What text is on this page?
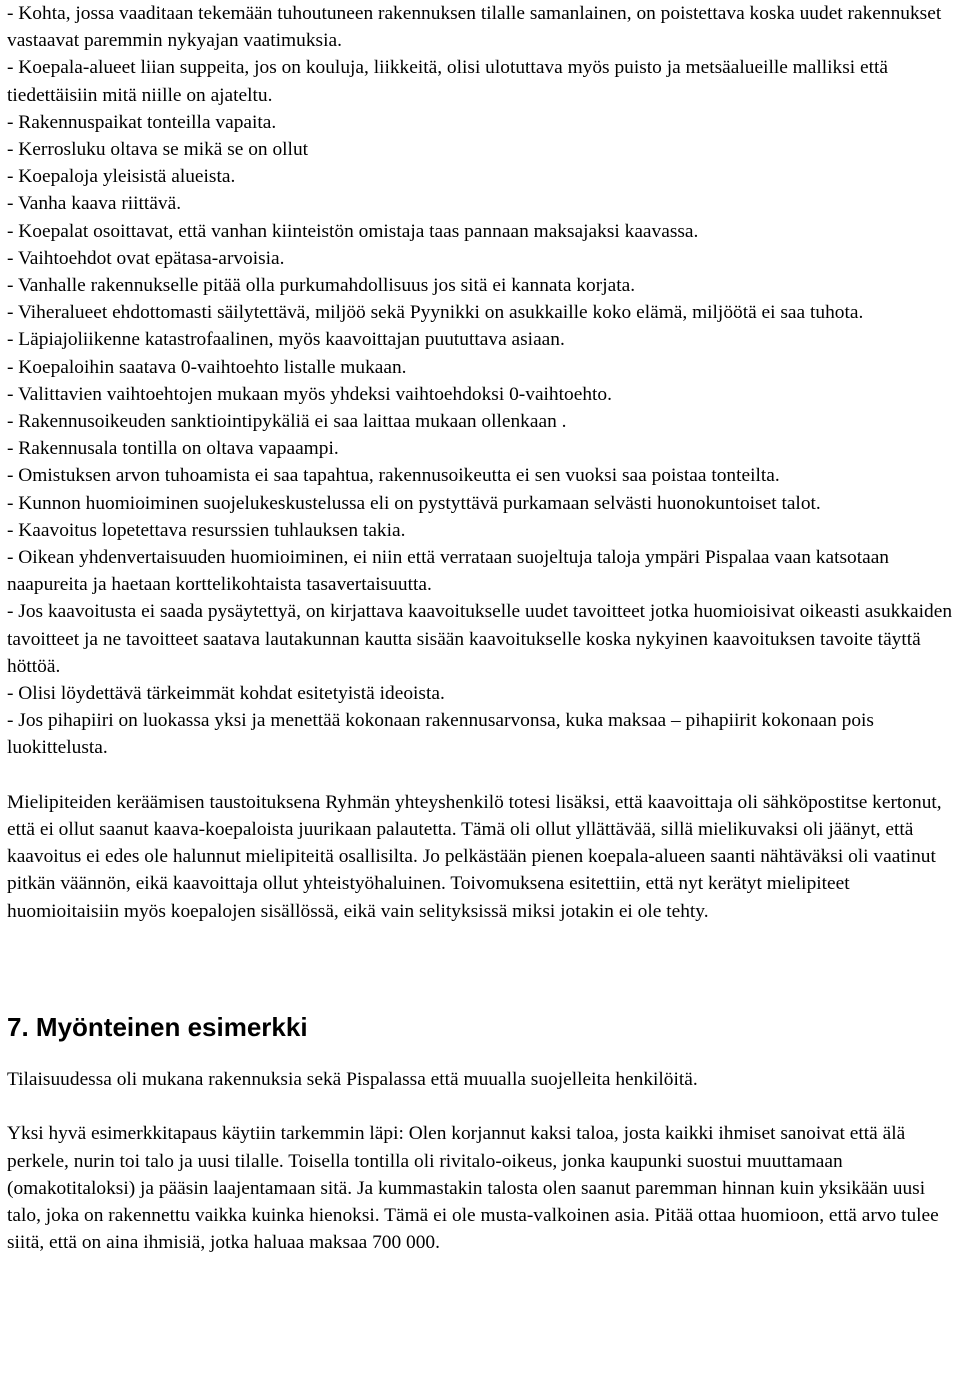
- Kohta, jossa vaaditaan tekemään tuhoutuneen rakennuksen tilalle samanlainen, on poistettava koska uudet rakennukset vastaavat paremmin nykyajan vaatimuksia.

- Koepala-alueet liian suppeita, jos on kouluja, liikkeitä, olisi ulotuttava myös puisto ja metsäalueille malliksi että tiedettäisiin mitä niille on ajateltu.

- Rakennuspaikat tonteilla vapaita.

- Kerrosluku oltava se mikä se on ollut

- Koepaloja yleisistä alueista.

- Vanha kaava riittävä.

- Koepalat osoittavat, että vanhan kiinteistön omistaja taas pannaan maksajaksi kaavassa.

- Vaihtoehdot ovat epätasa-arvoisia.

- Vanhalle rakennukselle pitää olla purkumahdollisuus jos sitä ei kannata korjata.

- Viheralueet ehdottomasti säilytettävä, miljöö sekä Pyynikki on asukkaille koko elämä, miljöötä ei saa tuhota.

- Läpiajoliikenne katastrofaalinen, myös kaavoittajan puututtava asiaan.

- Koepaloihin saatava 0-vaihtoehto listalle mukaan.

- Valittavien vaihtoehtojen mukaan myös yhdeksi vaihtoehdoksi 0-vaihtoehto.

- Rakennusoikeuden sanktiointipykäliä ei saa laittaa mukaan ollenkaan .

- Rakennusala tontilla on oltava vapaampi.

- Omistuksen arvon tuhoamista ei saa tapahtua, rakennusoikeutta ei sen vuoksi saa poistaa tonteilta.

- Kunnon huomioiminen suojelukeskustelussa eli on pystyttävä purkamaan selvästi huonokuntoiset talot.

- Kaavoitus lopetettava resurssien tuhlauksen takia.

- Oikean yhdenvertaisuuden huomioiminen, ei niin että verrataan suojeltuja taloja ympäri Pispalaa vaan katsotaan naapureita ja haetaan korttelikohtaista tasavertaisuutta.

- Jos kaavoitusta ei saada pysäytettyä, on kirjattava kaavoitukselle uudet tavoitteet jotka huomioisivat oikeasti asukkaiden tavoitteet ja ne tavoitteet saatava lautakunnan kautta sisään kaavoitukselle koska nykyinen kaavoituksen tavoite täyttä höttöä.

- Olisi löydettävä tärkeimmät kohdat esitetyistä ideoista.

- Jos pihapiiri on luokassa yksi ja menettää kokonaan rakennusarvonsa, kuka maksaa – pihapiirit kokonaan pois luokittelusta.

Mielipiteiden keräämisen taustoituksena Ryhmän yhteyshenkilö totesi lisäksi, että kaavoittaja oli sähköpostitse kertonut, että ei ollut saanut kaava-koepaloista juurikaan palautetta. Tämä oli ollut yllättävää, sillä mielikuvaksi oli jäänyt, että kaavoitus ei edes ole halunnut mielipiteitä osallisilta. Jo pelkästään pienen koepala-alueen saanti nähtäväksi oli vaatinut pitkän väännön, eikä kaavoittaja ollut yhteistyöhaluinen. Toivomuksena esitettiin, että nyt kerätyt mielipiteet huomioitaisiin myös koepalojen sisällössä, eikä vain selityksissä miksi jotakin ei ole tehty.

7. Myönteinen esimerkki

Tilaisuudessa oli mukana rakennuksia sekä Pispalassa että muualla suojelleita henkilöitä.

Yksi hyvä esimerkkitapaus käytiin tarkemmin läpi: Olen korjannut kaksi taloa, josta kaikki ihmiset sanoivat että älä perkele, nurin toi talo ja uusi tilalle. Toisella tontilla oli rivitalo-oikeus, jonka kaupunki suostui muuttamaan (omakotitaloksi) ja pääsin laajentamaan sitä. Ja kummastakin talosta olen saanut paremman hinnan kuin yksikään uusi talo, joka on rakennettu vaikka kuinka hienoksi. Tämä ei ole musta-valkoinen asia. Pitää ottaa huomioon, että arvo tulee siitä, että on aina ihmisiä, jotka haluaa maksaa 700 000.
